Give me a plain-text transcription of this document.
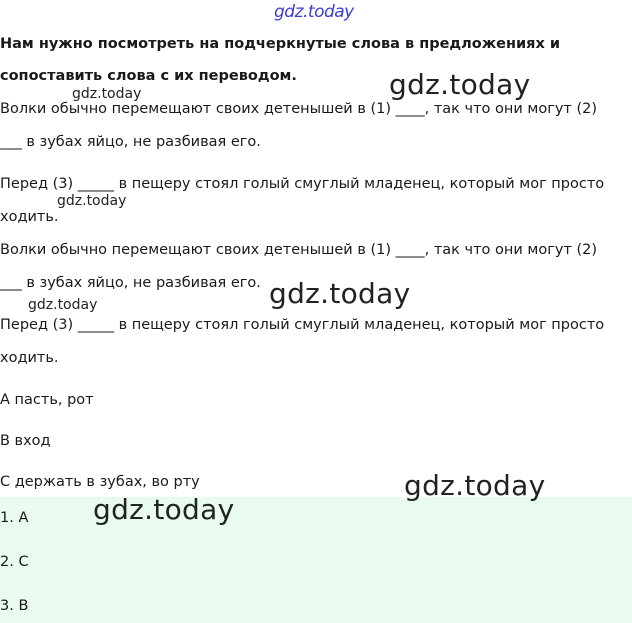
gdz.today
Нам нужно посмотреть на подчеркнутые слова в предложениях и
сопоставить слова с их переводом.
Волки обычно перемещают своих детенышей в (1) ____, так что они могут (2)
___ в зубах яйцо, не разбивая его.
Перед (3) _____ в пещеру стоял голый смуглый младенец, который мог просто
ходить.
Волки обычно перемещают своих детенышей в (1) ____, так что они могут (2)
___ в зубах яйцо, не разбивая его.
Перед (3) _____ в пещеру стоял голый смуглый младенец, который мог просто
ходить.
A пасть, рот
B вход
C держать в зубах, во рту
1. A
2. C
3. B
gdz.today
gdz.today
gdz.today
gdz.today
gdz.today
gdz.today
gdz.today
